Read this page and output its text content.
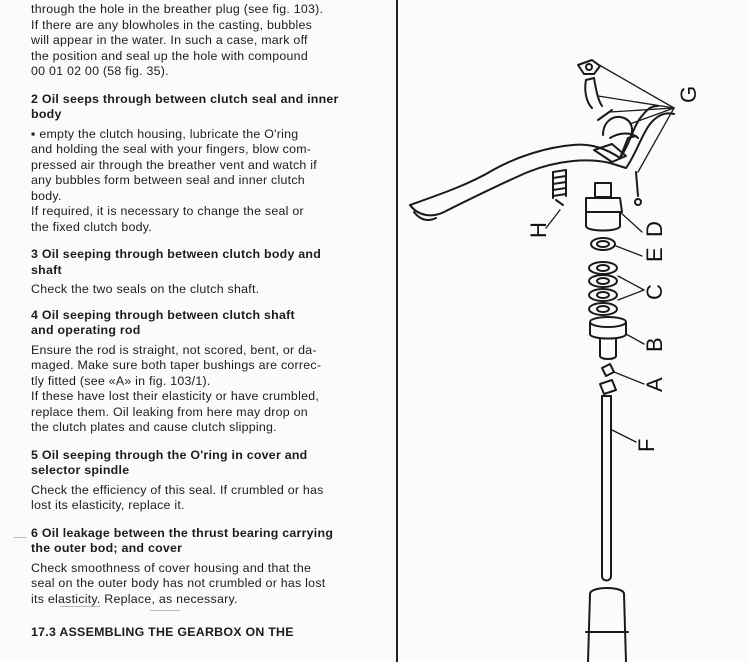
through the hole in the breather plug (see fig. 103).
If there are any blowholes in the casting, bubbles
will appear in the water. In such a case, mark off
the position and seal up the hole with compound
00 01 02 00 (58 fig. 35).
2 Oil seeps through between clutch seal and inner
body
▪ empty the clutch housing, lubricate the O'ring
and holding the seal with your fingers, blow com-
pressed air through the breather vent and watch if
any bubbles form between seal and inner clutch
body.
If required, it is necessary to change the seal or
the fixed clutch body.
3 Oil seeping through between clutch body and
shaft
Check the two seals on the clutch shaft.
4 Oil seeping through between clutch shaft
and operating rod
Ensure the rod is straight, not scored, bent, or da-
maged. Make sure both taper bushings are correc-
tly fitted (see «A» in fig. 103/1).
If these have lost their elasticity or have crumbled,
replace them. Oil leaking from here may drop on
the clutch plates and cause clutch slipping.
5 Oil seeping through the O'ring in cover and
selector spindle
Check the efficiency of this seal. If crumbled or has
lost its elasticity, replace it.
6 Oil leakage between the thrust bearing carrying
the outer bod; and cover
Check smoothness of cover housing and that the
seal on the outer body has not crumbled or has lost
its elasticity. Replace, as necessary.
17.3 ASSEMBLING THE GEARBOX ON THE
G
H	D
E
C
B
A
F
